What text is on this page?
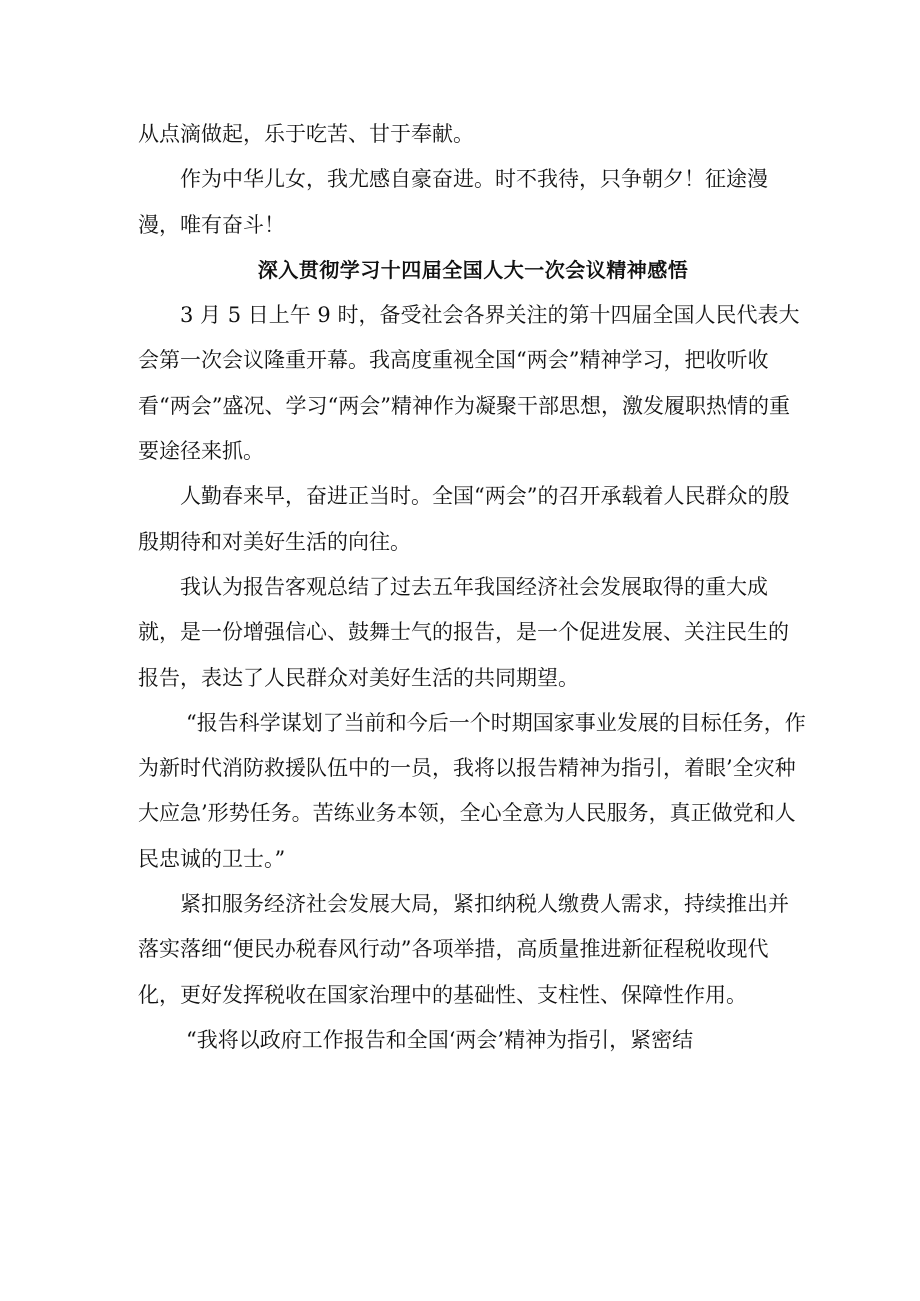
从点滴做起，乐于吃苦、甘于奉献。

作为中华儿女，我尤感自豪奋进。时不我待，只争朝夕！征途漫漫，唯有奋斗！

深入贯彻学习十四届全国人大一次会议精神感悟

3 月 5 日上午 9 时，备受社会各界关注的第十四届全国人民代表大会第一次会议隆重开幕。我高度重视全国“两会”精神学习，把收听收看“两会”盛况、学习“两会”精神作为凝聚干部思想，激发履职热情的重要途径来抓。

人勤春来早，奋进正当时。全国“两会”的召开承载着人民群众的殷殷期待和对美好生活的向往。

我认为报告客观总结了过去五年我国经济社会发展取得的重大成就，是一份增强信心、鼓舞士气的报告，是一个促进发展、关注民生的报告，表达了人民群众对美好生活的共同期望。

“报告科学谋划了当前和今后一个时期国家事业发展的目标任务，作为新时代消防救援队伍中的一员，我将以报告精神为指引，着眼’全灾种大应急’形势任务。苦练业务本领，全心全意为人民服务，真正做党和人民忠诚的卫士。”

紧扣服务经济社会发展大局，紧扣纳税人缴费人需求，持续推出并落实落细“便民办税春风行动”各项举措，高质量推进新征程税收现代化，更好发挥税收在国家治理中的基础性、支柱性、保障性作用。

“我将以政府工作报告和全国‘两会’精神为指引，紧密结
